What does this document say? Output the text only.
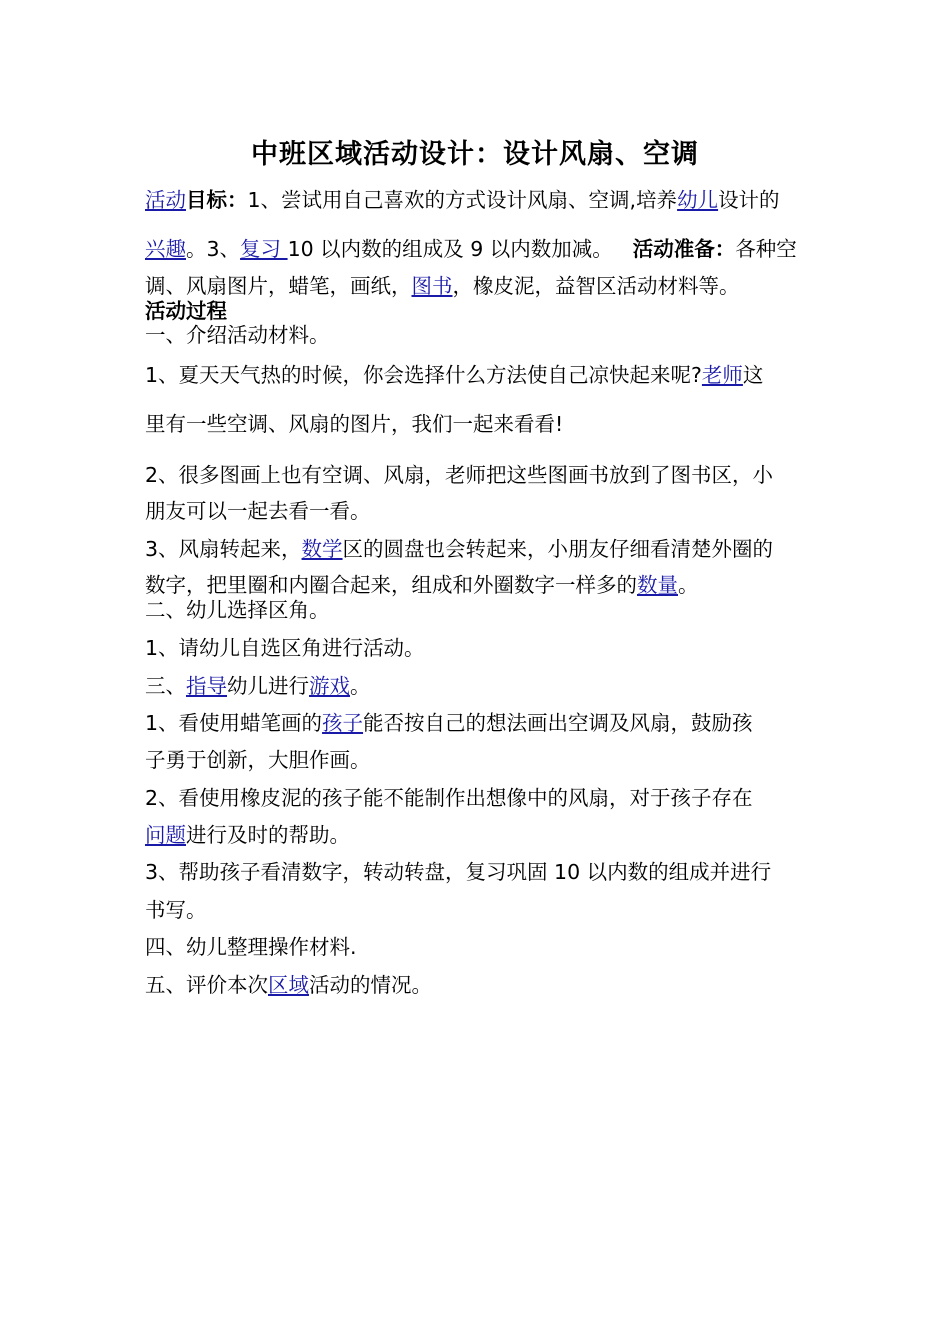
中班区域活动设计：设计风扇、空调
活动目标：1、尝试用自己喜欢的方式设计风扇、空调,培养幼儿设计的
兴趣。3、复习 10 以内数的组成及 9 以内数加减。 活动准备：各种空
调、风扇图片，蜡笔，画纸，图书，橡皮泥，益智区活动材料等。
活动过程
一、介绍活动材料。
1、夏天天气热的时候，你会选择什么方法使自己凉快起来呢?老师这
里有一些空调、风扇的图片，我们一起来看看!
2、很多图画上也有空调、风扇，老师把这些图画书放到了图书区，小
朋友可以一起去看一看。
3、风扇转起来，数学区的圆盘也会转起来，小朋友仔细看清楚外圈的
数字，把里圈和内圈合起来，组成和外圈数字一样多的数量。
二、幼儿选择区角。
1、请幼儿自选区角进行活动。
三、指导幼儿进行游戏。
1、看使用蜡笔画的孩子能否按自己的想法画出空调及风扇，鼓励孩
子勇于创新，大胆作画。
2、看使用橡皮泥的孩子能不能制作出想像中的风扇，对于孩子存在
问题进行及时的帮助。
3、帮助孩子看清数字，转动转盘，复习巩固 10 以内数的组成并进行
书写。
四、幼儿整理操作材料.
五、评价本次区域活动的情况。
